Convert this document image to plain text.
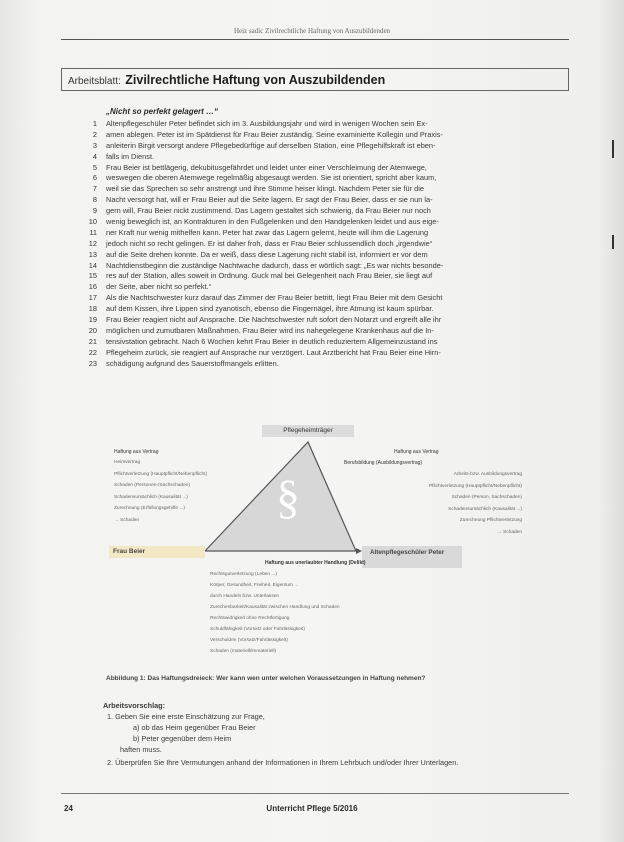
Heiz sadic Zivilrechtliche Haftung von Auszubildenden
Arbeitsblatt: Zivilrechtliche Haftung von Auszubildenden
„Nicht so perfekt gelagert …“
1 Altenpflegeschüler Peter befindet sich im 3. Ausbildungsjahr und wird in wenigen Wochen sein Ex-
2 amen ablegen. Peter ist im Spätdienst für Frau Beier zuständig. Seine examinierte Kollegin und Praxis-
3 anleiterin Birgit versorgt andere Pflegebedürftige auf derselben Station, eine Pflegehilfskraft ist eben-
4 falls im Dienst.
5 Frau Beier ist bettlägerig, dekubitusgefährdet und leidet unter einer Verschleimung der Atemwege,
6 weswegen die oberen Atemwege regelmäßig abgesaugt werden. Sie ist orientiert, spricht aber kaum,
7 weil sie das Sprechen so sehr anstrengt und ihre Stimme heiser klingt. Nachdem Peter sie für die
8 Nacht versorgt hat, will er Frau Beier auf die Seite lagern. Er sagt der Frau Beier, dass er sie nun la-
9 gern will, Frau Beier nickt zustimmend. Das Lagern gestaltet sich schwierig, da Frau Beier nur noch
10 wenig beweglich ist, an Kontrakturen in den Fußgelenken und den Handgelenken leidet und aus eige-
11 ner Kraft nur wenig mithelfen kann. Peter hat zwar das Lagern gelernt, heute will ihm die Lagerung
12 jedoch nicht so recht gelingen. Er ist daher froh, dass er Frau Beier schlussendlich doch „irgendwie“
13 auf die Seite drehen konnte. Da er weiß, dass diese Lagerung nicht stabil ist, informiert er vor dem
14 Nachtdienstbeginn die zuständige Nachtwache dadurch, dass er wörtlich sagt: „Es war nichts besonde-
15 res auf der Station, alles soweit in Ordnung. Guck mal bei Gelegenheit nach Frau Beier, sie liegt auf
16 der Seite, aber nicht so perfekt.“
17 Als die Nachtschwester kurz darauf das Zimmer der Frau Beier betritt, liegt Frau Beier mit dem Gesicht
18 auf dem Kissen, ihre Lippen sind zyanotisch, ebenso die Fingernägel, ihre Atmung ist kaum spürbar.
19 Frau Beier reagiert nicht auf Ansprache. Die Nachtschwester ruft sofort den Notarzt und ergreift alle ihr
20 möglichen und zumutbaren Maßnahmen. Frau Beier wird ins nahegelegene Krankenhaus auf die In-
21 tensivstation gebracht. Nach 6 Wochen kehrt Frau Beier in deutlich reduziertem Allgemeinzustand ins
22 Pflegeheim zurück, sie reagiert auf Ansprache nur verzögert. Laut Arztbericht hat Frau Beier eine Hirn-
23 schädigung aufgrund des Sauerstoffmangels erlitten.
§
Pflegeheimträger
Frau Beier	Altenpflegeschüler Peter
Haftung aus Vertrag
Heimvertrag
Pflichtverletzung (Hauptpflicht/Nebenpflicht)
Schaden (Personen-/Sachschaden)
Schadensursächlich (Kausalität ...)
Zurechnung (Erfüllungsgehilfe ...)
→ Schaden
Haftung aus Vertrag
Berufsbildung (Ausbildungsvertrag)
Arbeits-bzw. Ausbildungsvertrag
Pflichtverletzung (Hauptpflicht/Nebenpflicht)
Schaden (Person, Sachschaden)
Schadensursächlich (Kausalität ...)
Zurechnung Pflichtverletzung
→ Schaden
Haftung aus unerlaubter Handlung (Delikt)
Rechtsgutverletzung (Leben ...)
Körper, Gesundheit, Freiheit, Eigentum ...
durch Handeln bzw. Unterlassen
Zurechenbarkeit/Kausalität zwischen Handlung und Schaden
Rechtswidrigkeit ohne Rechtfertigung
Schuldfähigkeit (Vorsatz oder Fahrlässigkeit)
Verschulden (Vorsatz/Fahrlässigkeit)
Schaden (materiell/immateriell)
Abbildung 1: Das Haftungsdreieck: Wer kann wen unter welchen Voraussetzungen in Haftung nehmen?
Arbeitsvorschlag:
1. Geben Sie eine erste Einschätzung zur Frage,
a) ob das Heim gegenüber Frau Beier
b) Peter gegenüber dem Heim
haften muss.
2. Überprüfen Sie Ihre Vermutungen anhand der Informationen in Ihrem Lehrbuch und/oder Ihrer Unterlagen.
Unterricht Pflege 5/2016
24
